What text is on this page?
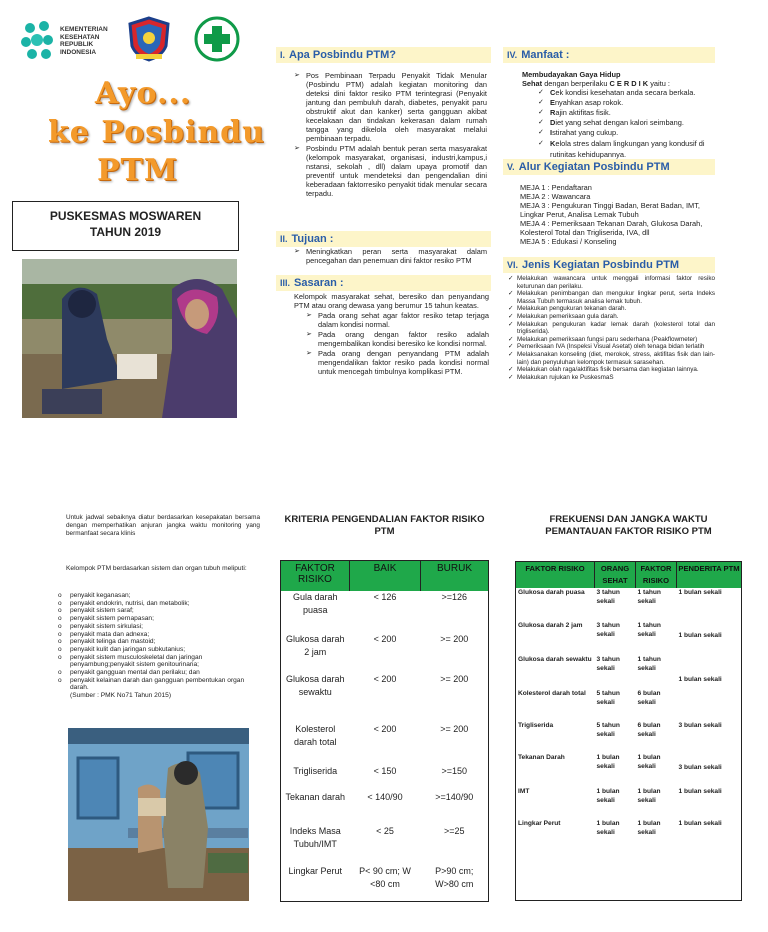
KEMENTERIAN
KESEHATAN
REPUBLIK
INDONESIA
Ayo...
ke Posbindu
PTM
PUSKESMAS MOSWAREN
TAHUN 2019
I. Apa Posbindu PTM?
➢ Pos Pembinaan Terpadu Penyakit Tidak Menular (Posbindu PTM) adalah kegiatan monitoring dan deteksi dini faktor resiko PTM terintegrasi (Penyakit jantung dan pembuluh darah, diabetes, penyakit paru obstruktif akut dan kanker) serta gangguan akibat kecelakaan dan tindakan kekerasan dalam rumah tangga yang dikelola oleh masyarakat melalui pembinaan terpadu.
➢ Posbindu PTM adalah bentuk peran serta masyarakat (kelompok masyarakat, organisasi, industri,kampus,i nstansi, sekolah , dll) dalam upaya promotif dan preventif untuk mendeteksi dan pengendalian dini keberadaan faktorresiko penyakit tidak menular secara terpadu.
II. Tujuan :
➢ Meningkatkan peran serta masyarakat dalam pencegahan dan penemuan dini faktor resiko PTM
III. Sasaran :
Kelompok masyarakat sehat, beresiko dan penyandang PTM atau orang dewasa yang berumur 15 tahun keatas.
➢ Pada orang sehat agar faktor resiko tetap terjaga dalam kondisi normal.
➢ Pada orang dengan faktor resiko adalah mengembalikan kondisi beresiko ke kondisi normal.
➢ Pada orang dengan penyandang PTM adalah mengendalikan faktor resiko pada kondisi normal untuk mencegah timbulnya komplikasi PTM.
IV. Manfaat :
Membudayakan Gaya Hidup
Sehat dengan berperilaku C E R D I K yaitu :
✓ Cek kondisi kesehatan anda secara berkala.
✓ Enyahkan asap rokok.
✓ Rajin aktifitas fisik.
✓ Diet yang sehat dengan kalori seimbang.
✓ Istirahat yang cukup.
✓ Kelola stres dalam lingkungan yang kondusif di rutinitas kehidupannya.
V. Alur Kegiatan Posbindu PTM
MEJA 1 : Pendaftaran
MEJA 2 : Wawancara
MEJA 3 : Pengukuran Tinggi Badan, Berat Badan, IMT, Lingkar Perut, Analisa Lemak Tubuh
MEJA 4 : Pemeriksaan Tekanan Darah, Glukosa Darah, Kolesterol Total dan Trigliserida, IVA, dll
MEJA 5 : Edukasi / Konseling
VI. Jenis Kegiatan Posbindu PTM
✓ Melakukan wawancara untuk menggali informasi faktor resiko keturunan dan perilaku.
✓ Melakukan penimbangan dan mengukur lingkar perut, serta Indeks Massa Tubuh termasuk analisa lemak tubuh.
✓ Melakukan pengukuran tekanan darah.
✓ Melakukan pemeriksaan gula darah.
✓ Melakukan pengukuran kadar lemak darah (kolesterol total dan trigliserida).
✓ Melakukan pemeriksaan fungsi paru sederhana (Peakflowmeter)
✓ Pemeriksaan IVA (Inspeksi Visual Asetat) oleh tenaga bidan terlatih
✓ Melaksanakan konseling (diet, merokok, stress, aktifitas fisik dan lain-lain) dan penyuluhan kelompok termasuk sarasehan.
✓ Melakukan olah raga/aktifitas fisik bersama dan kegiatan lainnya.
✓ Melakukan rujukan ke PuskesmaS
Untuk jadwal sebaiknya diatur berdasarkan kesepakatan bersama dengan memperhatikan anjuran jangka waktu monitoring yang bermanfaat secara klinis
Kelompok PTM berdasarkan sistem dan organ tubuh meliputi:
o penyakit keganasan;
o penyakit endokrin, nutrisi, dan metabolik;
o penyakit sistem saraf;
o penyakit sistem pernapasan;
o penyakit sistem sirkulasi;
o penyakit mata dan adnexa;
o penyakit telinga dan mastoid;
o penyakit kulit dan jaringan subkutanius;
o penyakit sistem musculoskeletal dan jaringan penyambung;penyakit sistem genitourinaria;
o penyakit gangguan mental dan perilaku; dan
o penyakit kelainan darah dan gangguan pembentukan organ darah.
(Sumber : PMK No71 Tahun 2015)
KRITERIA PENGENDALIAN FAKTOR RISIKO PTM
FAKTOR RISIKO	BAIK	BURUK
Gula darah puasa	< 126	>=126
Glukosa darah 2 jam	< 200	>= 200
Glukosa darah sewaktu	< 200	>= 200
Kolesterol darah total	< 200	>= 200
Trigliserida	< 150	>=150
Tekanan darah	< 140/90	>=140/90
Indeks Masa Tubuh/IMT	< 25	>=25
Lingkar Perut	P< 90 cm; W <80 cm	P>90 cm; W>80 cm
FREKUENSI DAN JANGKA WAKTU PEMANTAUAN FAKTOR RISIKO PTM
FAKTOR RISIKO	ORANG SEHAT	FAKTOR RISIKO	PENDERITA PTM
Glukosa darah puasa	3 tahun sekali	1 tahun sekali	1 bulan sekali
Glukosa darah 2 jam	3 tahun sekali	1 tahun sekali	1 bulan sekali
Glukosa darah sewaktu	3 tahun sekali	1 tahun sekali	1 bulan sekali
Kolesterol darah total	5 tahun sekali	6 bulan sekali	
Trigliserida	5 tahun sekali	6 bulan sekali	3 bulan sekali
Tekanan Darah	1 bulan sekali	1 bulan sekali	3 bulan sekali
IMT	1 bulan sekali	1 bulan sekali	1 bulan sekali
Lingkar Perut	1 bulan sekali	1 bulan sekali	1 bulan sekali
